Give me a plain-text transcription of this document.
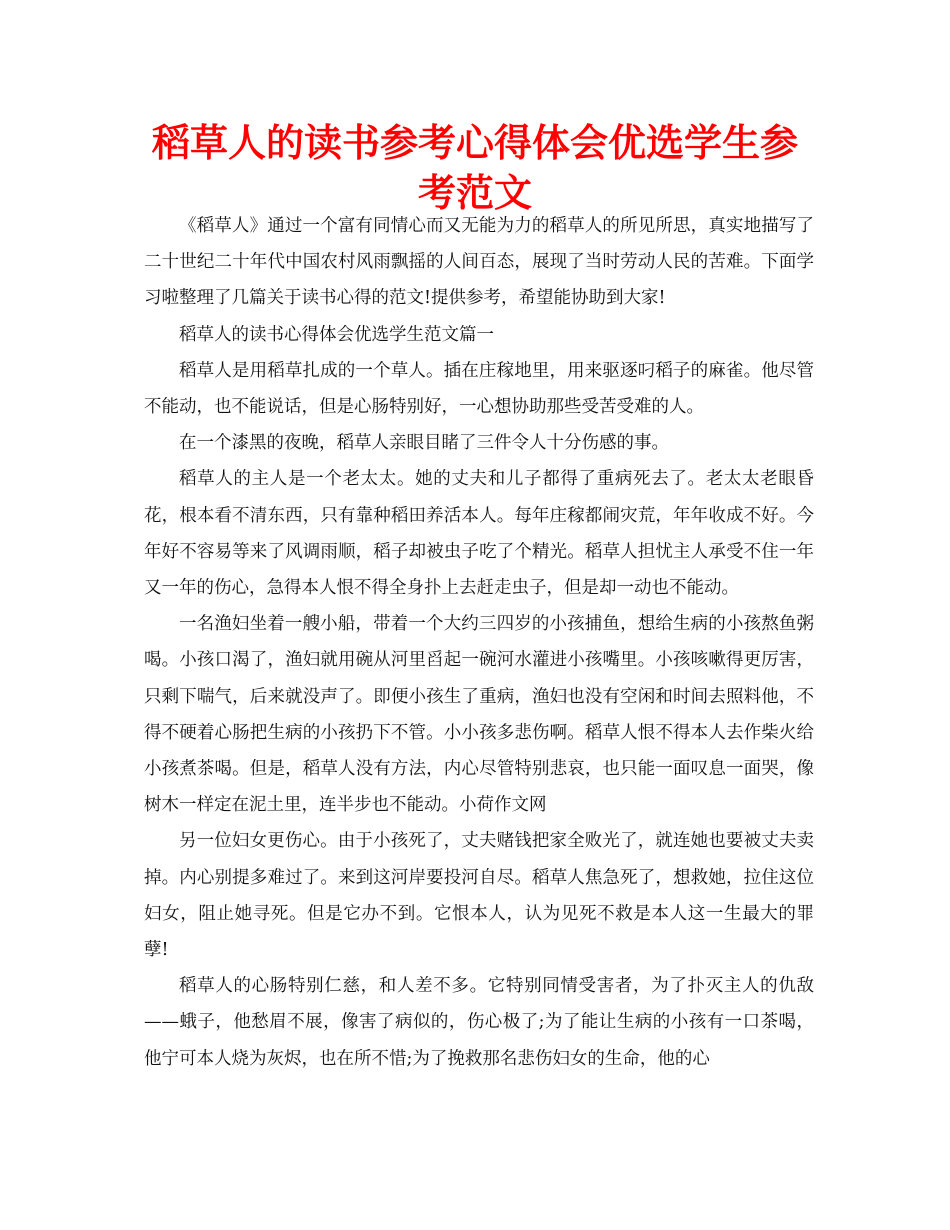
稻草人的读书参考心得体会优选学生参考范文

《稻草人》通过一个富有同情心而又无能为力的稻草人的所见所思，真实地描写了二十世纪二十年代中国农村风雨飘摇的人间百态，展现了当时劳动人民的苦难。下面学习啦整理了几篇关于读书心得的范文!提供参考，希望能协助到大家!

稻草人的读书心得体会优选学生范文篇一

稻草人是用稻草扎成的一个草人。插在庄稼地里，用来驱逐叼稻子的麻雀。他尽管不能动，也不能说话，但是心肠特别好，一心想协助那些受苦受难的人。

在一个漆黑的夜晚，稻草人亲眼目睹了三件令人十分伤感的事。

稻草人的主人是一个老太太。她的丈夫和儿子都得了重病死去了。老太太老眼昏花，根本看不清东西，只有靠种稻田养活本人。每年庄稼都闹灾荒，年年收成不好。今年好不容易等来了风调雨顺，稻子却被虫子吃了个精光。稻草人担忧主人承受不住一年又一年的伤心，急得本人恨不得全身扑上去赶走虫子，但是却一动也不能动。

一名渔妇坐着一艘小船，带着一个大约三四岁的小孩捕鱼，想给生病的小孩熬鱼粥喝。小孩口渴了，渔妇就用碗从河里舀起一碗河水灌进小孩嘴里。小孩咳嗽得更厉害，只剩下喘气，后来就没声了。即便小孩生了重病，渔妇也没有空闲和时间去照料他，不得不硬着心肠把生病的小孩扔下不管。小小孩多悲伤啊。稻草人恨不得本人去作柴火给小孩煮茶喝。但是，稻草人没有方法，内心尽管特别悲哀，也只能一面叹息一面哭，像树木一样定在泥土里，连半步也不能动。小荷作文网

另一位妇女更伤心。由于小孩死了，丈夫赌钱把家全败光了，就连她也要被丈夫卖掉。内心别提多难过了。来到这河岸要投河自尽。稻草人焦急死了，想救她，拉住这位妇女，阻止她寻死。但是它办不到。它恨本人，认为见死不救是本人这一生最大的罪孽!

稻草人的心肠特别仁慈，和人差不多。它特别同情受害者，为了扑灭主人的仇敌——蛾子，他愁眉不展，像害了病似的，伤心极了;为了能让生病的小孩有一口茶喝，他宁可本人烧为灰烬，也在所不惜;为了挽救那名悲伤妇女的生命，他的心
